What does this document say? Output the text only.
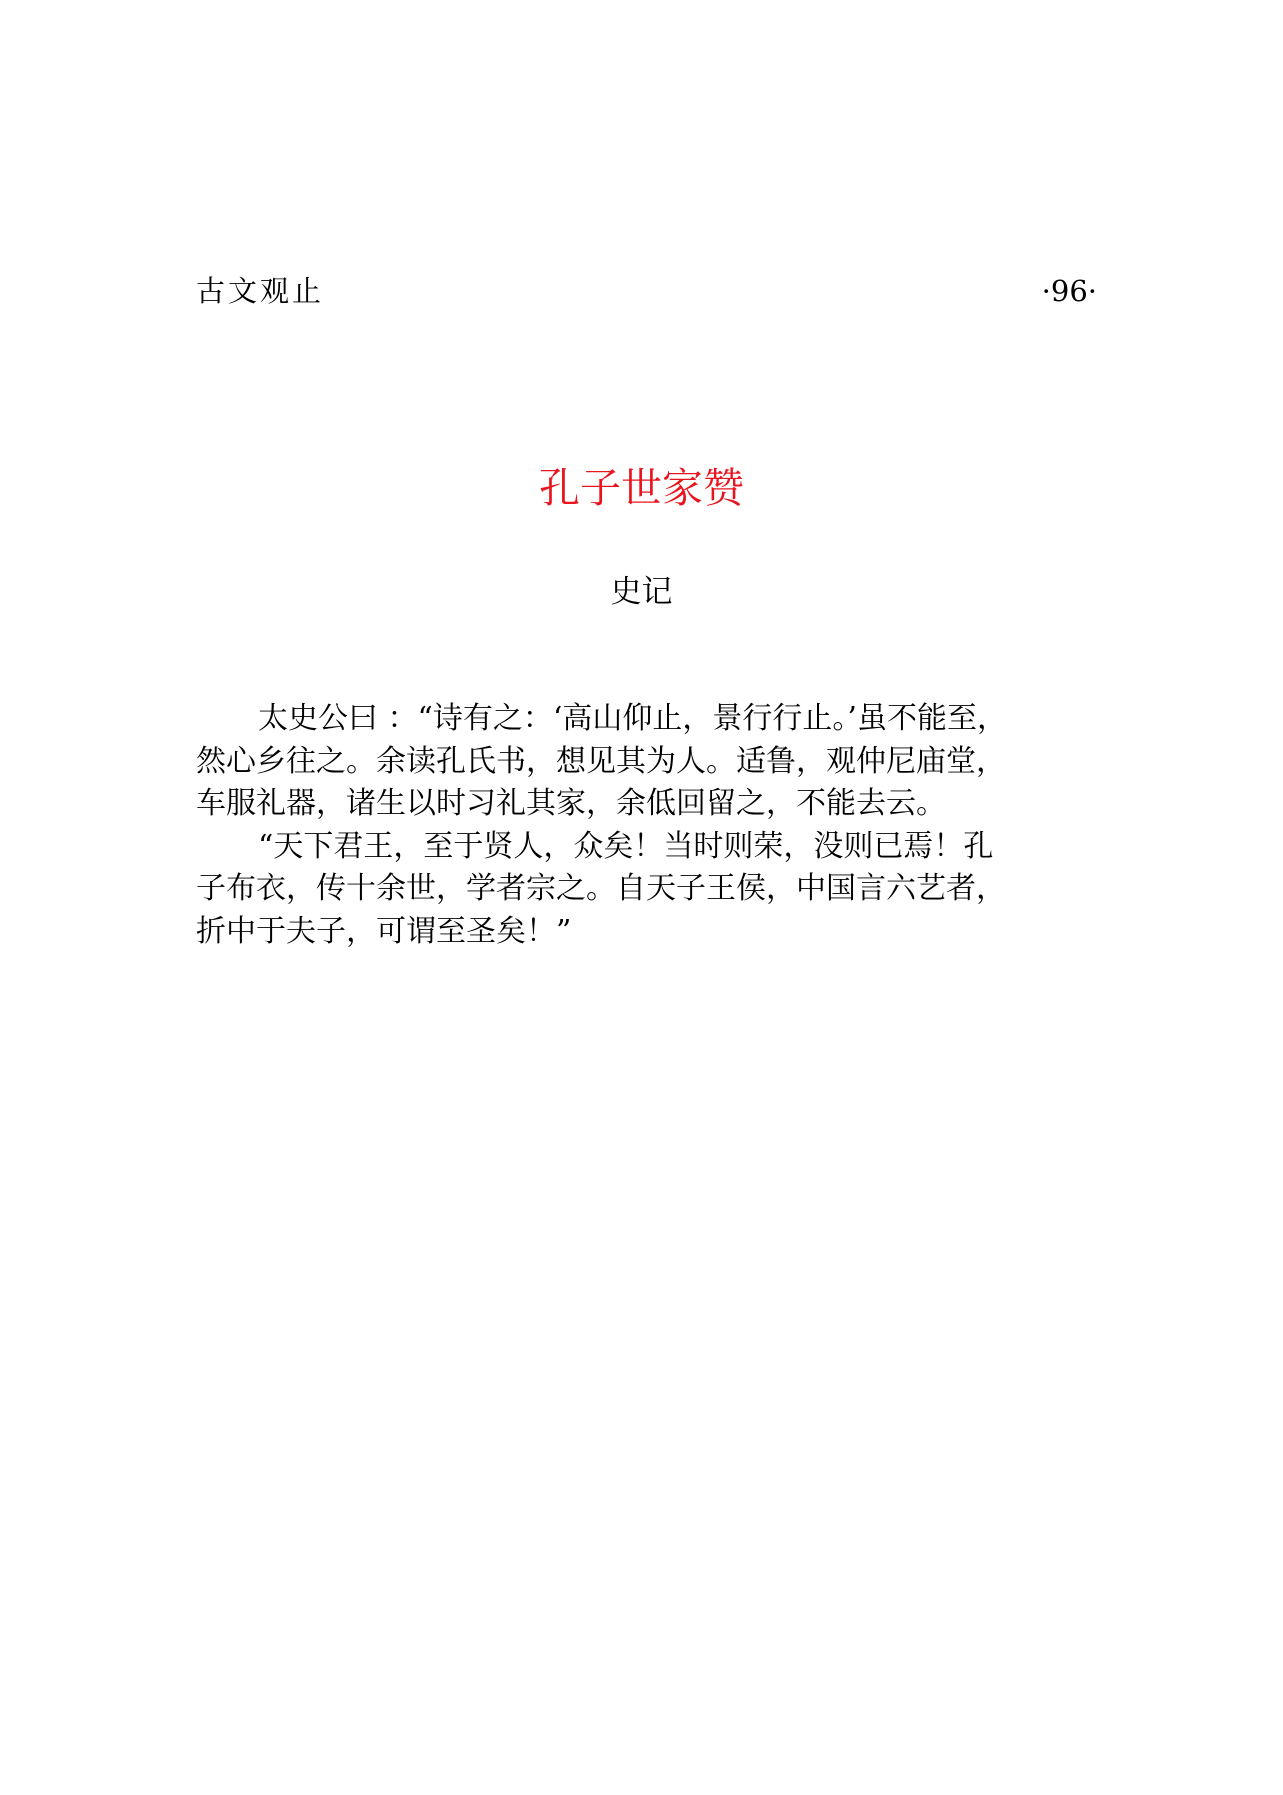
古文观止	·96·
孔子世家赞
史记
太史公曰 ：“诗有之：‘高山仰止，景行行止。’虽不能至，
然心乡往之。余读孔氏书，想见其为人。适鲁，观仲尼庙堂，
车服礼器，诸生以时习礼其家，余低回留之，不能去云。
“天下君王，至于贤人，众矣！当时则荣，没则已焉！孔
子布衣，传十余世，学者宗之。自天子王侯，中国言六艺者，
折中于夫子，可谓至圣矣！”
